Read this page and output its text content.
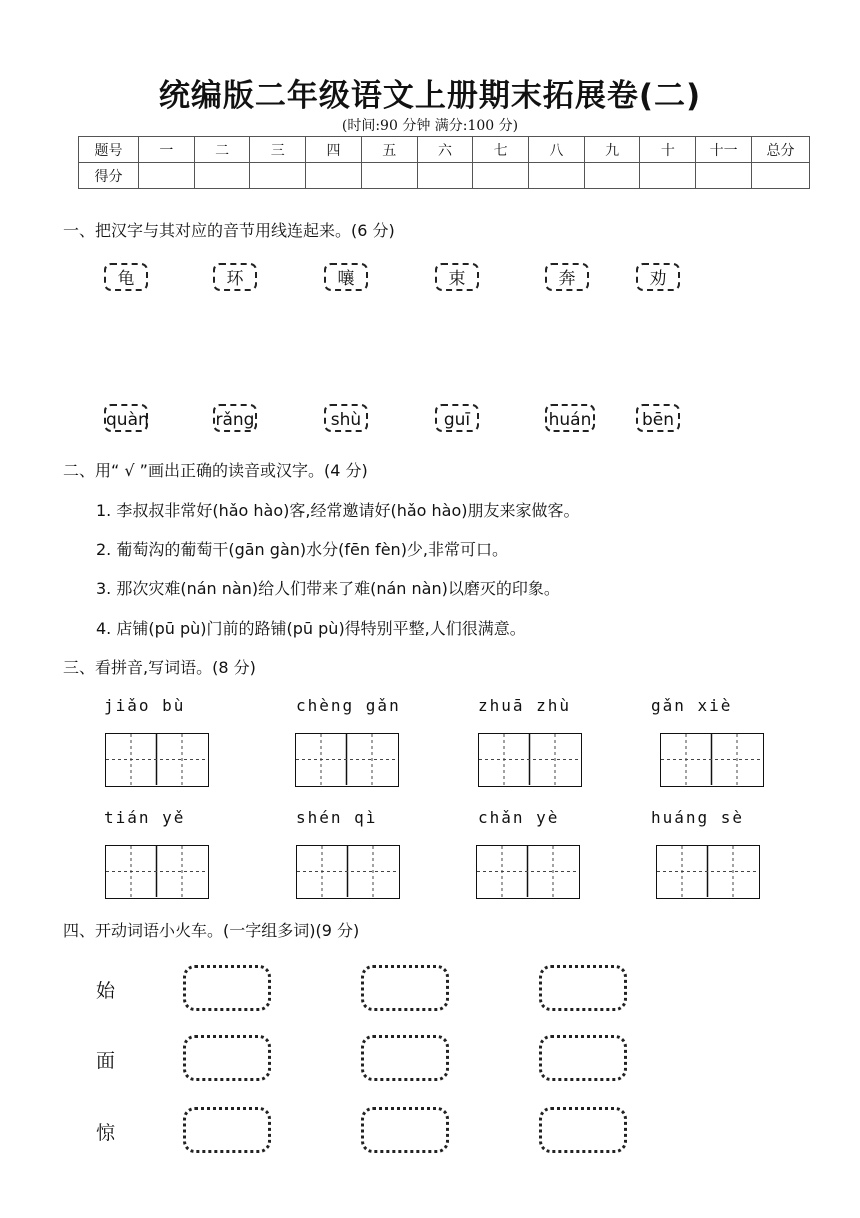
统编版二年级语文上册期末拓展卷(二)
(时间:90 分钟 满分:100 分)
题号	一	二	三	四	五	六	七	八	九	十	十一	总分
得分												
一、把汉字与其对应的音节用线连起来。(6 分)
龟	环	嚷	束	奔	劝
quàn	rǎng	shù	guī	huán	bēn
二、用“ √ ”画出正确的读音或汉字。(4 分)
1. 李叔叔非常好(hǎo hào)客,经常邀请好(hǎo hào)朋友来家做客。
2. 葡萄沟的葡萄干(gān gàn)水分(fēn fèn)少,非常可口。
3. 那次灾难(nán nàn)给人们带来了难(nán nàn)以磨灭的印象。
4. 店铺(pū pù)门前的路铺(pū pù)得特别平整,人们很满意。
三、看拼音,写词语。(8 分)
jiǎo bù	chèng gǎn	zhuā zhù	gǎn xiè
tián yě	shén qì	chǎn yè	huáng sè
四、开动词语小火车。(一字组多词)(9 分)
始
面
惊
